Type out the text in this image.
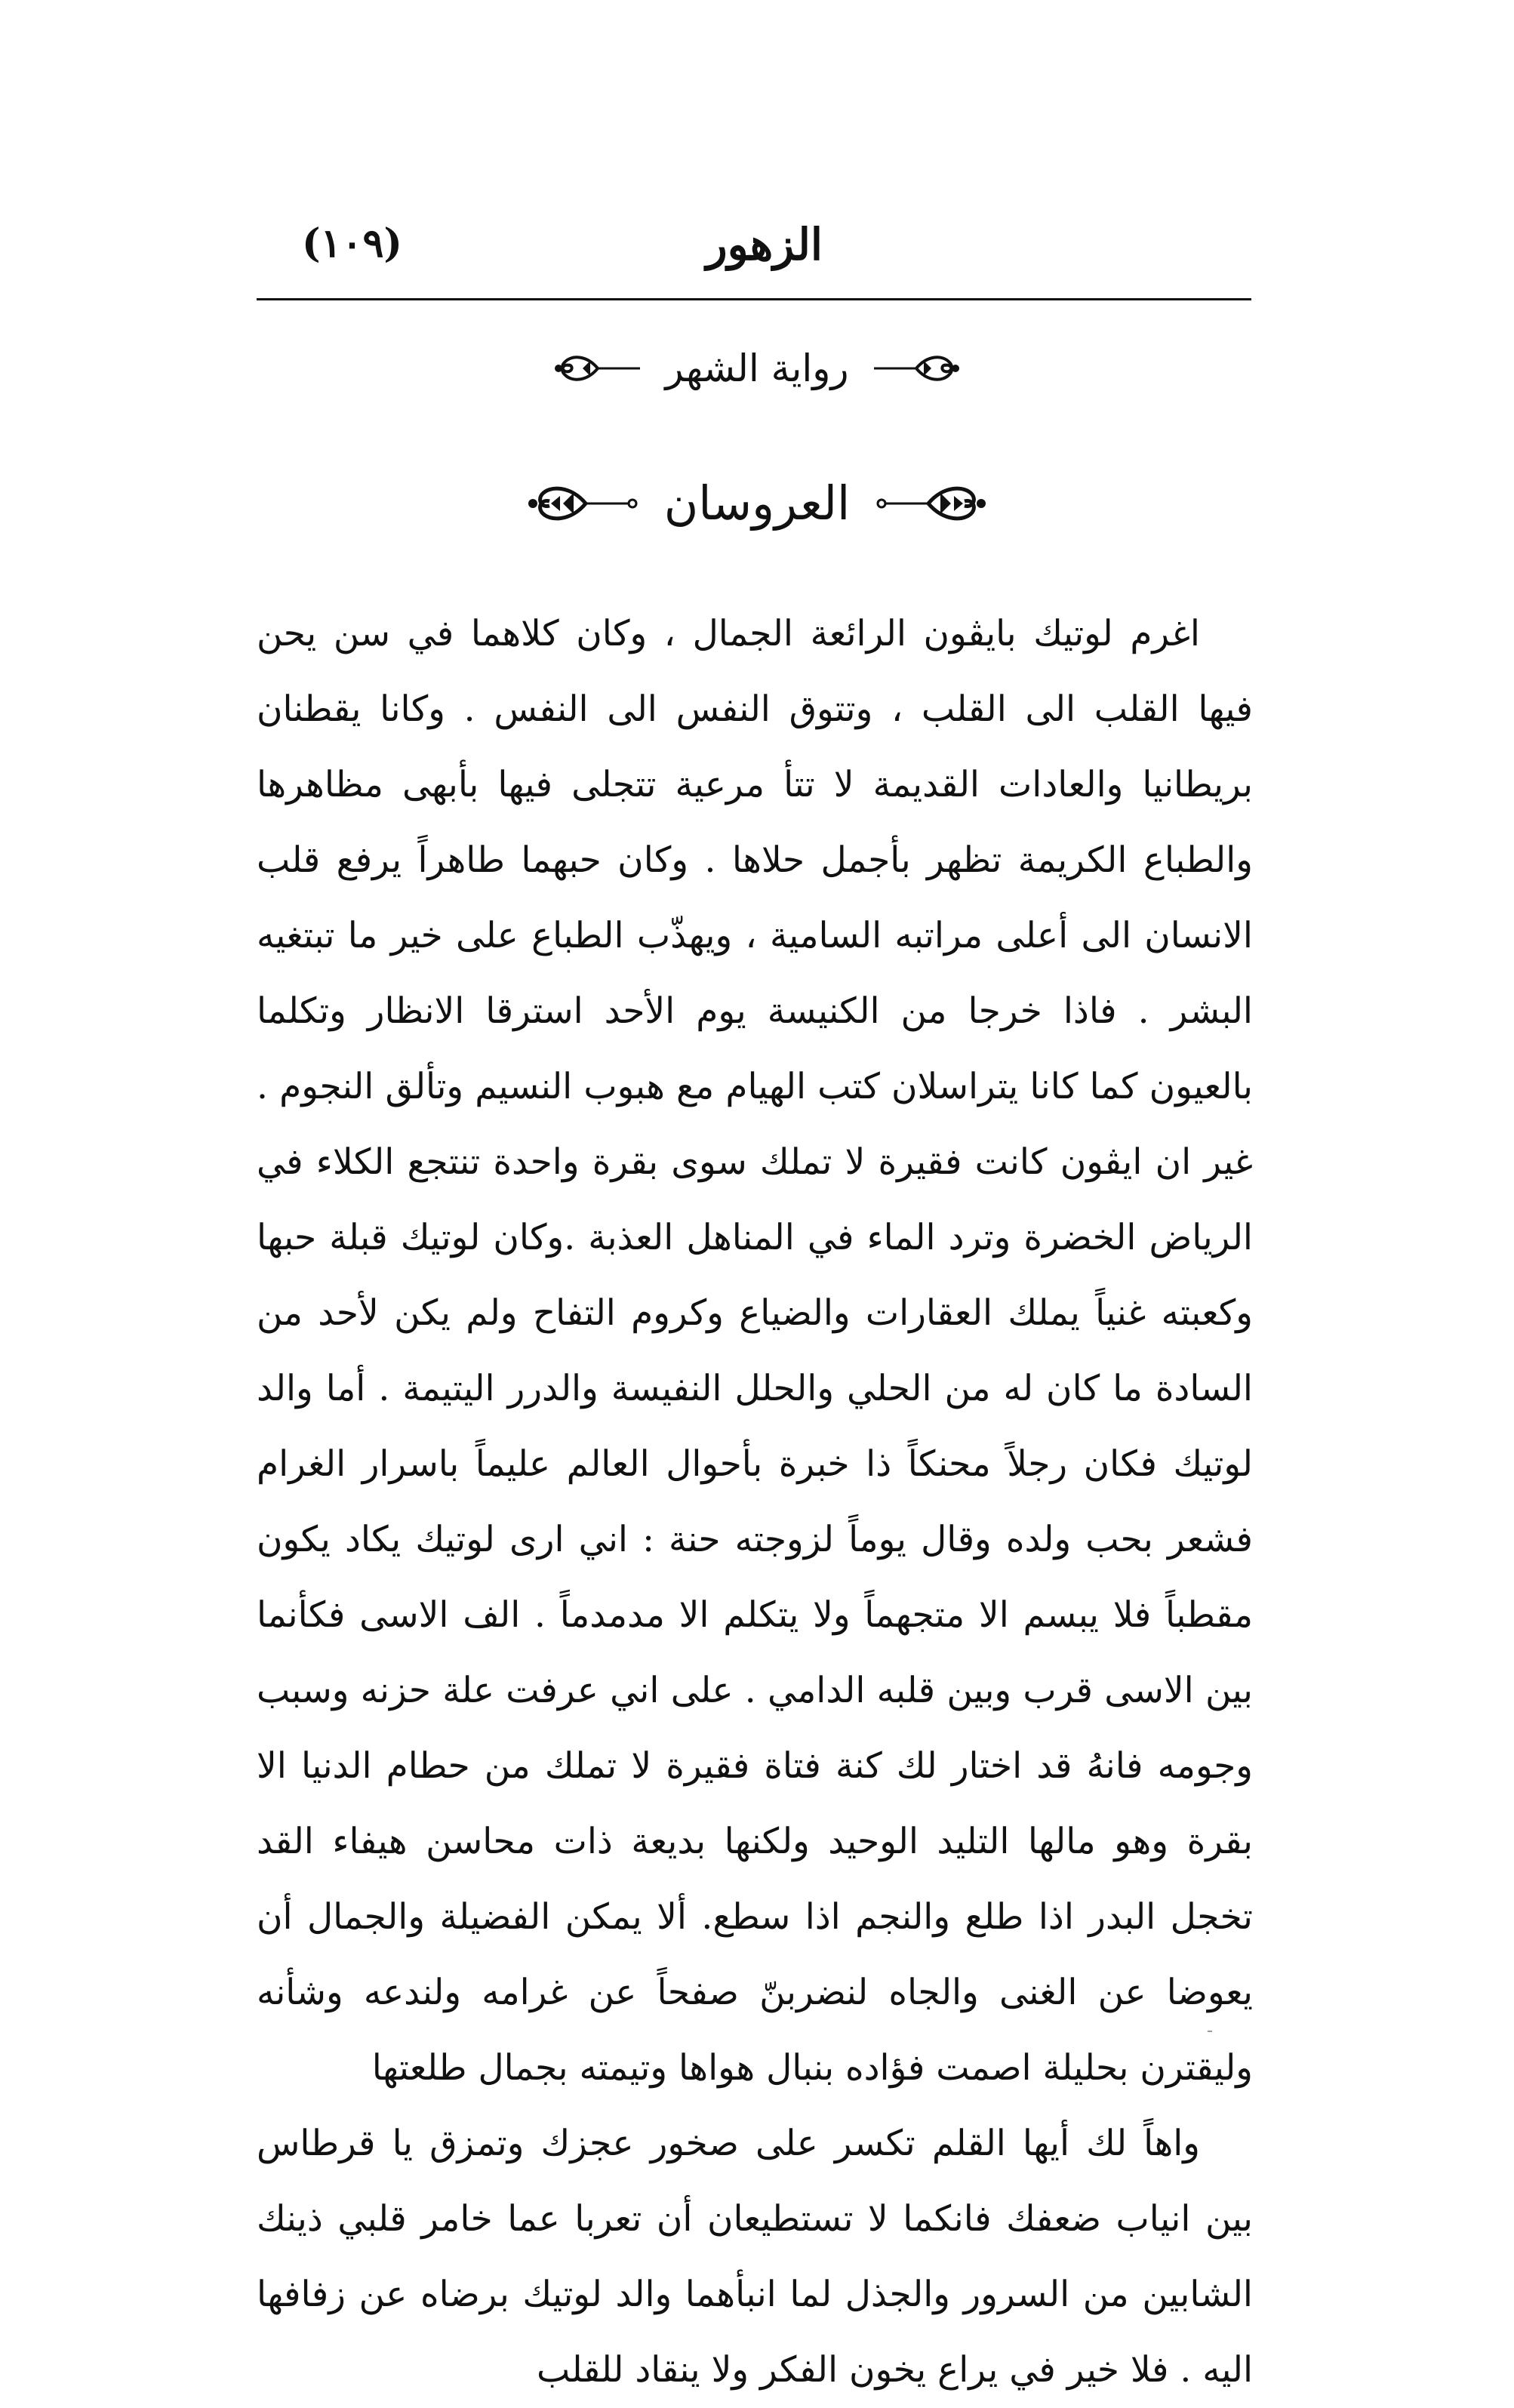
الزهور
(١٠٩)
رواية الشهر
العروسان

اغرم لوتيك بايڤون الرائعة الجمال ، وكان كلاهما في سن يحن فيها القلب الى القلب ، وتتوق النفس الى النفس . وكانا يقطنان بريطانيا والعادات القديمة لا تتأ مرعية تتجلى فيها بأبهى مظاهرها والطباع الكريمة تظهر بأجمل حلاها . وكان حبهما طاهراً يرفع قلب الانسان الى أعلى مراتبه السامية ، ويهذّب الطباع على خير ما تبتغيه البشر . فاذا خرجا من الكنيسة يوم الأحد استرقا الانظار وتكلما بالعيون كما كانا يتراسلان كتب الهيام مع هبوب النسيم وتألق النجوم . غير ان ايڤون كانت فقيرة لا تملك سوى بقرة واحدة تنتجع الكلاء في الرياض الخضرة وترد الماء في المناهل العذبة .وكان لوتيك قبلة حبها وكعبته غنياً يملك العقارات والضياع وكروم التفاح ولم يكن لأحد من السادة ما كان له من الحلي والحلل النفيسة والدرر اليتيمة . أما والد لوتيك فكان رجلاً محنكاً ذا خبرة بأحوال العالم عليماً باسرار الغرام فشعر بحب ولده وقال يوماً لزوجته حنة : اني ارى لوتيك يكاد يكون مقطباً فلا يبسم الا متجهماً ولا يتكلم الا مدمدماً . الف الاسى فكأنما بين الاسى قرب وبين قلبه الدامي . على اني عرفت علة حزنه وسبب وجومه فانهُ قد اختار لك كنة فتاة فقيرة لا تملك من حطام الدنيا الا بقرة وهو مالها التليد الوحيد ولكنها بديعة ذات محاسن هيفاء القد تخجل البدر اذا طلع والنجم اذا سطع. ألا يمكن الفضيلة والجمال أن يعوضا عن الغنى والجاه لنضربنّ صفحاً عن غرامه ولندعه وشأنه وليقترن بحليلة اصمت فؤاده بنبال هواها وتيمته بجمال طلعتها

واهاً لك أيها القلم تكسر على صخور عجزك وتمزق يا قرطاس بين انياب ضعفك فانكما لا تستطيعان أن تعربا عما خامر قلبي ذينك الشابين من السرور والجذل لما انبأهما والد لوتيك برضاه عن زفافها اليه . فلا خير في يراع يخون الفكر ولا ينقاد للقلب
